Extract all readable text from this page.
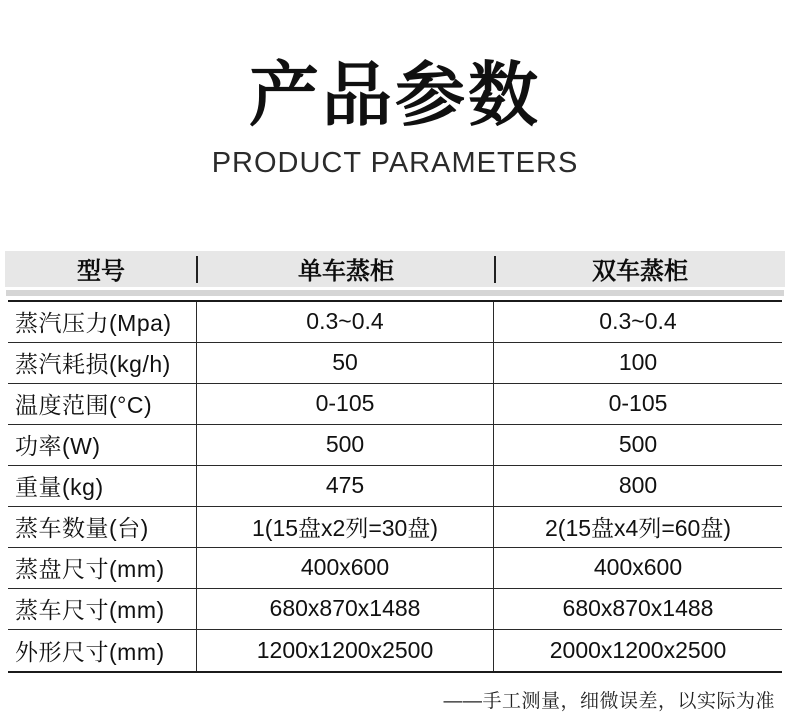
产品参数
PRODUCT PARAMETERS
型号	单车蒸柜	双车蒸柜
蒸汽压力(Mpa)	0.3~0.4	0.3~0.4
蒸汽耗损(kg/h)	50	100
温度范围(°C)	0-105	0-105
功率(W)	500	500
重量(kg)	475	800
蒸车数量(台)	1(15盘x2列=30盘)	2(15盘x4列=60盘)
蒸盘尺寸(mm)	400x600	400x600
蒸车尺寸(mm)	680x870x1488	680x870x1488
外形尺寸(mm)	1200x1200x2500	2000x1200x2500
——手工测量，细微误差，以实际为准
